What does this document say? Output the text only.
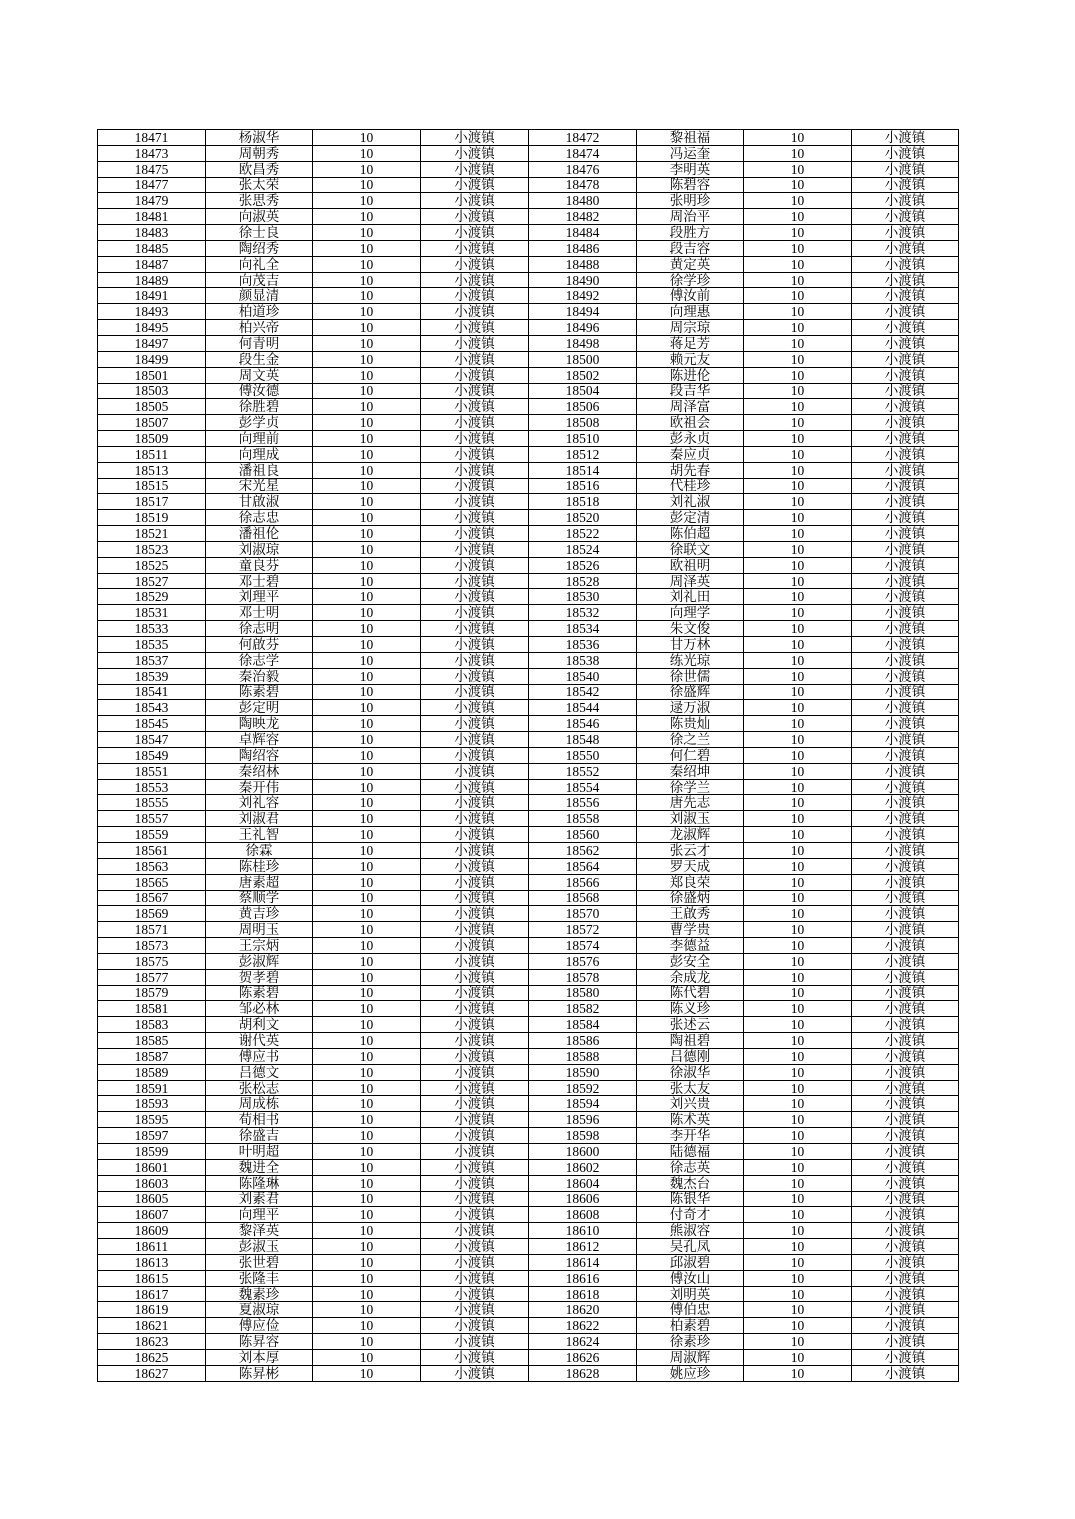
18471	杨淑华	10	小渡镇	18472	黎祖福	10	小渡镇
18473	周朝秀	10	小渡镇	18474	冯运奎	10	小渡镇
18475	欧昌秀	10	小渡镇	18476	李明英	10	小渡镇
18477	张太荣	10	小渡镇	18478	陈碧容	10	小渡镇
18479	张思秀	10	小渡镇	18480	张明珍	10	小渡镇
18481	向淑英	10	小渡镇	18482	周治平	10	小渡镇
18483	徐士良	10	小渡镇	18484	段胜方	10	小渡镇
18485	陶绍秀	10	小渡镇	18486	段吉容	10	小渡镇
18487	向礼全	10	小渡镇	18488	黄定英	10	小渡镇
18489	向茂吉	10	小渡镇	18490	徐学珍	10	小渡镇
18491	颜显清	10	小渡镇	18492	傅汝前	10	小渡镇
18493	柏道珍	10	小渡镇	18494	向理惠	10	小渡镇
18495	柏兴帝	10	小渡镇	18496	周宗琼	10	小渡镇
18497	何青明	10	小渡镇	18498	蒋足芳	10	小渡镇
18499	段生金	10	小渡镇	18500	赖元友	10	小渡镇
18501	周文英	10	小渡镇	18502	陈进伦	10	小渡镇
18503	傅汝德	10	小渡镇	18504	段吉华	10	小渡镇
18505	徐胜碧	10	小渡镇	18506	周泽富	10	小渡镇
18507	彭学贞	10	小渡镇	18508	欧祖会	10	小渡镇
18509	向理前	10	小渡镇	18510	彭永贞	10	小渡镇
18511	向理成	10	小渡镇	18512	秦应贞	10	小渡镇
18513	潘祖良	10	小渡镇	18514	胡先春	10	小渡镇
18515	宋光星	10	小渡镇	18516	代桂珍	10	小渡镇
18517	甘啟淑	10	小渡镇	18518	刘礼淑	10	小渡镇
18519	徐志忠	10	小渡镇	18520	彭定清	10	小渡镇
18521	潘祖伦	10	小渡镇	18522	陈伯超	10	小渡镇
18523	刘淑琼	10	小渡镇	18524	徐联文	10	小渡镇
18525	童良芬	10	小渡镇	18526	欧祖明	10	小渡镇
18527	邓士碧	10	小渡镇	18528	周泽英	10	小渡镇
18529	刘理平	10	小渡镇	18530	刘礼田	10	小渡镇
18531	邓士明	10	小渡镇	18532	向理学	10	小渡镇
18533	徐志明	10	小渡镇	18534	朱文俊	10	小渡镇
18535	何啟芬	10	小渡镇	18536	甘万林	10	小渡镇
18537	徐志学	10	小渡镇	18538	练光琼	10	小渡镇
18539	秦治毅	10	小渡镇	18540	徐世儒	10	小渡镇
18541	陈素碧	10	小渡镇	18542	徐盛辉	10	小渡镇
18543	彭定明	10	小渡镇	18544	逯万淑	10	小渡镇
18545	陶映龙	10	小渡镇	18546	陈贵灿	10	小渡镇
18547	卓辉容	10	小渡镇	18548	徐之兰	10	小渡镇
18549	陶绍容	10	小渡镇	18550	何仁碧	10	小渡镇
18551	秦绍林	10	小渡镇	18552	秦绍坤	10	小渡镇
18553	秦开伟	10	小渡镇	18554	徐学兰	10	小渡镇
18555	刘礼容	10	小渡镇	18556	唐先志	10	小渡镇
18557	刘淑君	10	小渡镇	18558	刘淑玉	10	小渡镇
18559	王礼智	10	小渡镇	18560	龙淑辉	10	小渡镇
18561	徐霖	10	小渡镇	18562	张云才	10	小渡镇
18563	陈桂珍	10	小渡镇	18564	罗天成	10	小渡镇
18565	唐素超	10	小渡镇	18566	郑良荣	10	小渡镇
18567	蔡顺学	10	小渡镇	18568	徐盛炳	10	小渡镇
18569	黄吉珍	10	小渡镇	18570	王啟秀	10	小渡镇
18571	周明玉	10	小渡镇	18572	曹学贵	10	小渡镇
18573	王宗炳	10	小渡镇	18574	李德益	10	小渡镇
18575	彭淑辉	10	小渡镇	18576	彭安全	10	小渡镇
18577	贺孝碧	10	小渡镇	18578	余成龙	10	小渡镇
18579	陈素碧	10	小渡镇	18580	陈代碧	10	小渡镇
18581	邹必林	10	小渡镇	18582	陈义珍	10	小渡镇
18583	胡利文	10	小渡镇	18584	张述云	10	小渡镇
18585	谢代英	10	小渡镇	18586	陶祖碧	10	小渡镇
18587	傅应书	10	小渡镇	18588	吕德刚	10	小渡镇
18589	吕德文	10	小渡镇	18590	徐淑华	10	小渡镇
18591	张松志	10	小渡镇	18592	张太友	10	小渡镇
18593	周成栋	10	小渡镇	18594	刘兴贵	10	小渡镇
18595	荀相书	10	小渡镇	18596	陈术英	10	小渡镇
18597	徐盛吉	10	小渡镇	18598	李开华	10	小渡镇
18599	叶明超	10	小渡镇	18600	陆德福	10	小渡镇
18601	魏进全	10	小渡镇	18602	徐志英	10	小渡镇
18603	陈隆琳	10	小渡镇	18604	魏杰台	10	小渡镇
18605	刘素君	10	小渡镇	18606	陈银华	10	小渡镇
18607	向理平	10	小渡镇	18608	付奇才	10	小渡镇
18609	黎泽英	10	小渡镇	18610	熊淑容	10	小渡镇
18611	彭淑玉	10	小渡镇	18612	吴孔凤	10	小渡镇
18613	张世碧	10	小渡镇	18614	邱淑碧	10	小渡镇
18615	张隆丰	10	小渡镇	18616	傅汝山	10	小渡镇
18617	魏素珍	10	小渡镇	18618	刘明英	10	小渡镇
18619	夏淑琼	10	小渡镇	18620	傅伯忠	10	小渡镇
18621	傅应俭	10	小渡镇	18622	柏素碧	10	小渡镇
18623	陈昇容	10	小渡镇	18624	徐素珍	10	小渡镇
18625	刘本厚	10	小渡镇	18626	周淑辉	10	小渡镇
18627	陈昇彬	10	小渡镇	18628	姚应珍	10	小渡镇
